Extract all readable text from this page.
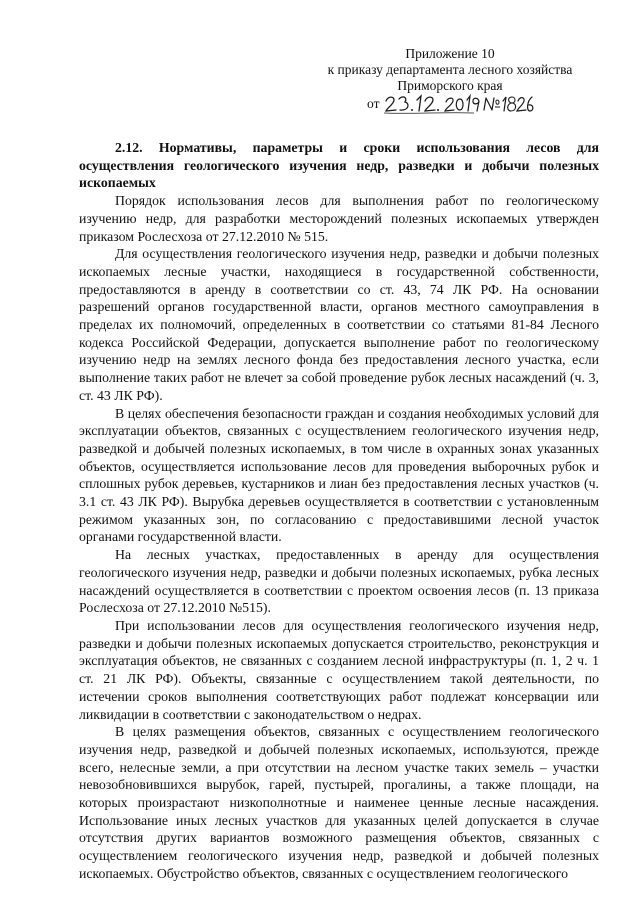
Приложение 10
к приказу департамента лесного хозяйства
Приморского края
от

2.12. Нормативы, параметры и сроки использования лесов для осуществления геологического изучения недр, разведки и добычи полезных ископаемых

Порядок использования лесов для выполнения работ по геологическому изучению недр, для разработки месторождений полезных ископаемых утвержден приказом Рослесхоза от 27.12.2010 № 515.

Для осуществления геологического изучения недр, разведки и добычи полезных ископаемых лесные участки, находящиеся в государственной собственности, предоставляются в аренду в соответствии со ст. 43, 74 ЛК РФ. На основании разрешений органов государственной власти, органов местного самоуправления в пределах их полномочий, определенных в соответствии со статьями 81-84 Лесного кодекса Российской Федерации, допускается выполнение работ по геологическому изучению недр на землях лесного фонда без предоставления лесного участка, если выполнение таких работ не влечет за собой проведение рубок лесных насаждений (ч. 3, ст. 43 ЛК РФ).

В целях обеспечения безопасности граждан и создания необходимых условий для эксплуатации объектов, связанных с осуществлением геологического изучения недр, разведкой и добычей полезных ископаемых, в том числе в охранных зонах указанных объектов, осуществляется использование лесов для проведения выборочных рубок и сплошных рубок деревьев, кустарников и лиан без предоставления лесных участков (ч. 3.1 ст. 43 ЛК РФ). Вырубка деревьев осуществляется в соответствии с установленным режимом указанных зон, по согласованию с предоставившими лесной участок органами государственной власти.

На лесных участках, предоставленных в аренду для осуществления геологического изучения недр, разведки и добычи полезных ископаемых, рубка лесных насаждений осуществляется в соответствии с проектом освоения лесов (п. 13 приказа Рослесхоза от 27.12.2010 №515).

При использовании лесов для осуществления геологического изучения недр, разведки и добычи полезных ископаемых допускается строительство, реконструкция и эксплуатация объектов, не связанных с созданием лесной инфраструктуры (п. 1, 2 ч. 1 ст. 21 ЛК РФ). Объекты, связанные с осуществлением такой деятельности, по истечении сроков выполнения соответствующих работ подлежат консервации или ликвидации в соответствии с законодательством о недрах.

В целях размещения объектов, связанных с осуществлением геологического изучения недр, разведкой и добычей полезных ископаемых, используются, прежде всего, нелесные земли, а при отсутствии на лесном участке таких земель – участки невозобновившихся вырубок, гарей, пустырей, прогалины, а также площади, на которых произрастают низкополнотные и наименее ценные лесные насаждения. Использование иных лесных участков для указанных целей допускается в случае отсутствия других вариантов возможного размещения объектов, связанных с осуществлением геологического изучения недр, разведкой и добычей полезных ископаемых. Обустройство объектов, связанных с осуществлением геологического
